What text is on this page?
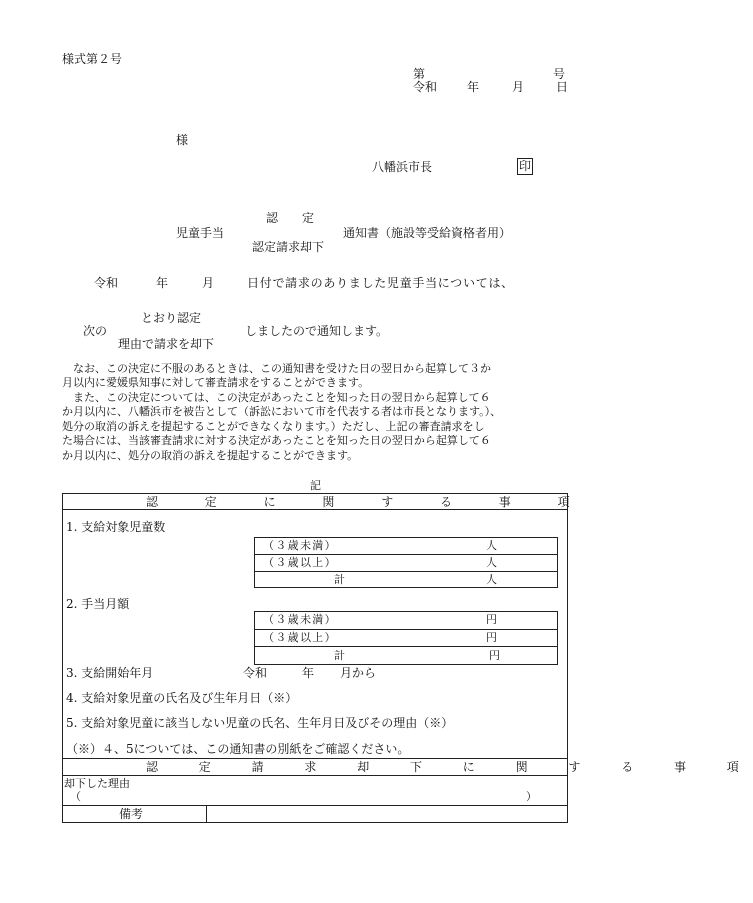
様式第２号
第	号
令和 年	月	日
様
八幡浜市長	印
認　　定
児童手当	通知書（施設等受給資格者用）
認定請求却下
令和	年	月	日付で請求のありました児童手当については、
とおり認定
次の	しましたので通知します。
理由で請求を却下
　なお、この決定に不服のあるときは、この通知書を受けた日の翌日から起算して３か
月以内に愛媛県知事に対して審査請求をすることができます。
　また、この決定については、この決定があったことを知った日の翌日から起算して６
か月以内に、八幡浜市を被告として（訴訟において市を代表する者は市長となります。）、
処分の取消の訴えを提起することができなくなります。）ただし、上記の審査請求をし
た場合には、当該審査請求に対する決定があったことを知った日の翌日から起算して６
か月以内に、処分の取消の訴えを提起することができます。
記
認　定　に　関　す　る　事　項
1. 支給対象児童数
（３歳未満）	人
（３歳以上）	人
計	人
2. 手当月額
（３歳未満）	円
（３歳以上）	円
計	円
3. 支給開始年月	令和	年 月から
4. 支給対象児童の氏名及び生年月日（※）
5. 支給対象児童に該当しない児童の氏名、生年月日及びその理由（※）
（※）４、5については、この通知書の別紙をご確認ください。
認　定　請　求　却　下　に　関　す　る　事　項
却下した理由
（	）
備考
